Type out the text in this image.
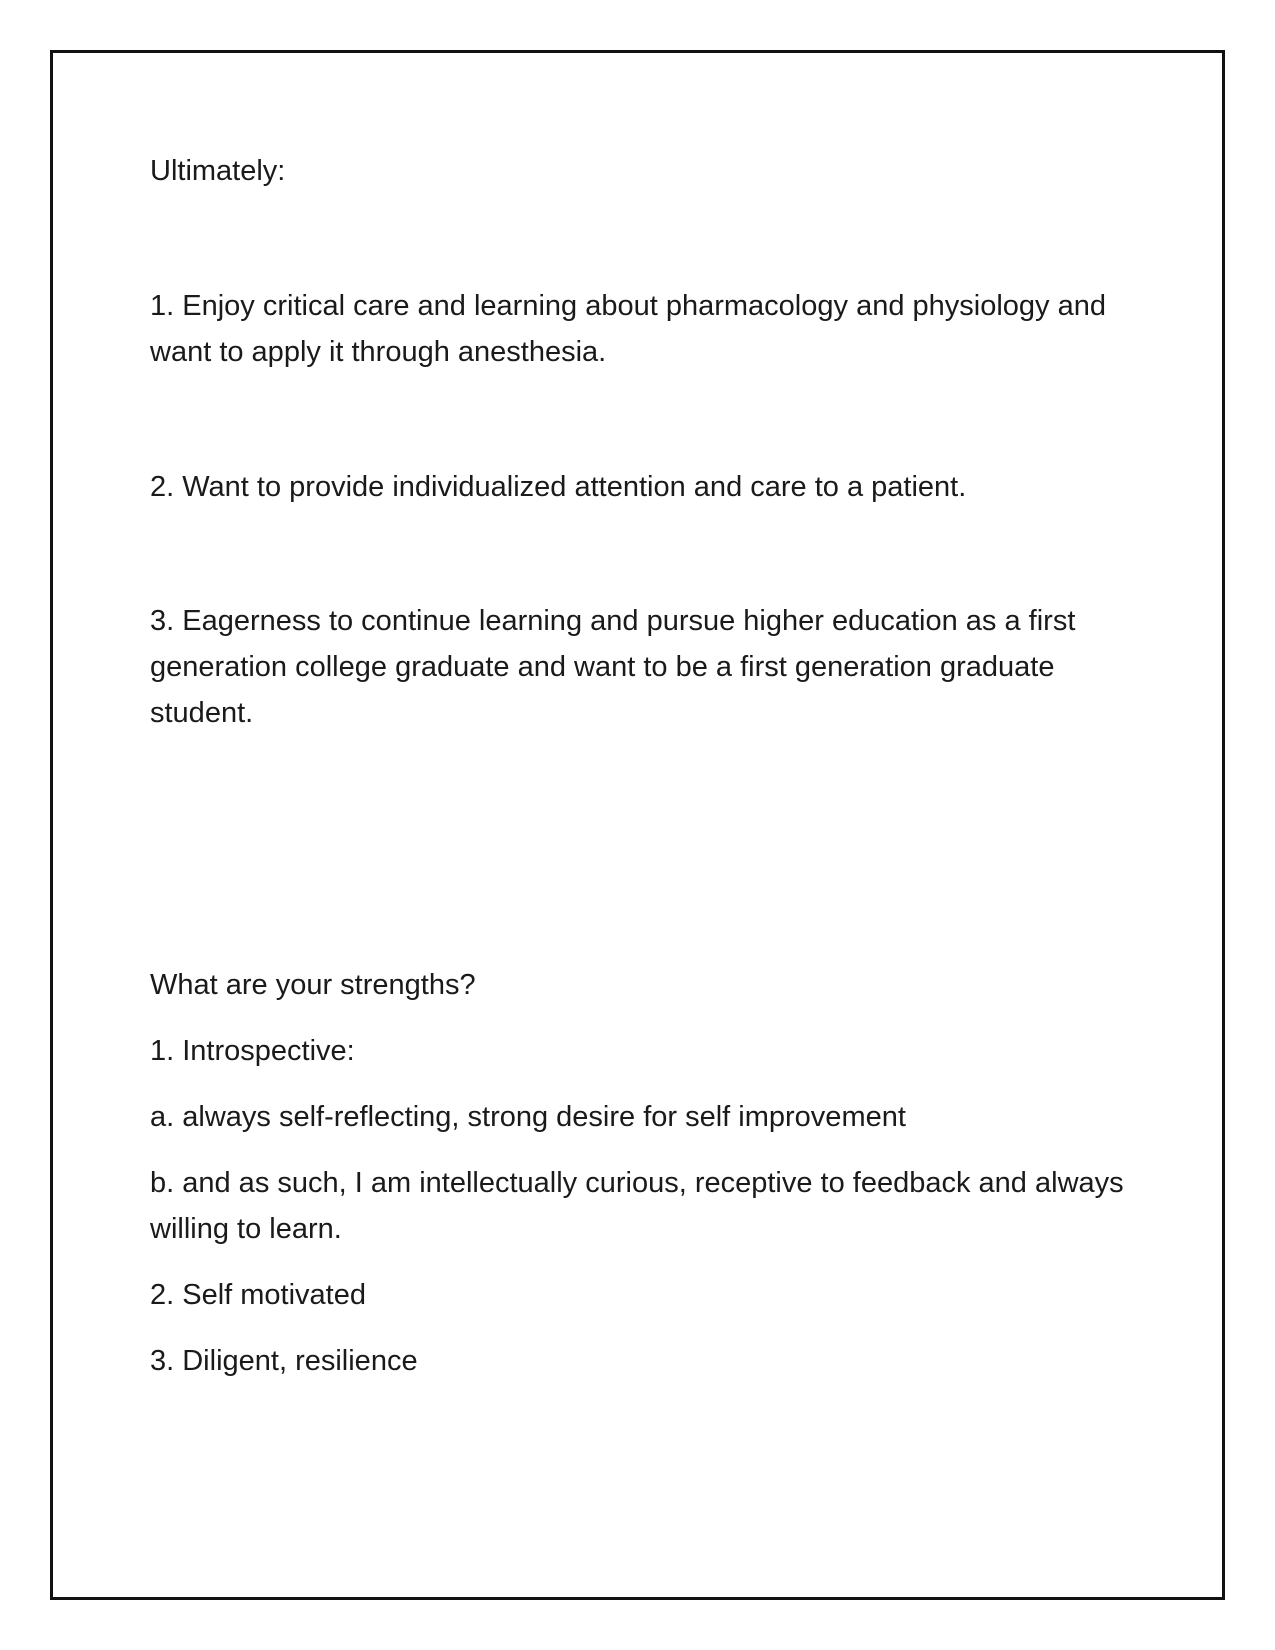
Ultimately:

1. Enjoy critical care and learning about pharmacology and physiology and want to apply it through anesthesia.

2. Want to provide individualized attention and care to a patient.

3. Eagerness to continue learning and pursue higher education as a first generation college graduate and want to be a first generation graduate student.

What are your strengths?

1. Introspective:

a. always self-reflecting, strong desire for self improvement

b. and as such, I am intellectually curious, receptive to feedback and always willing to learn.

2. Self motivated

3. Diligent, resilience
